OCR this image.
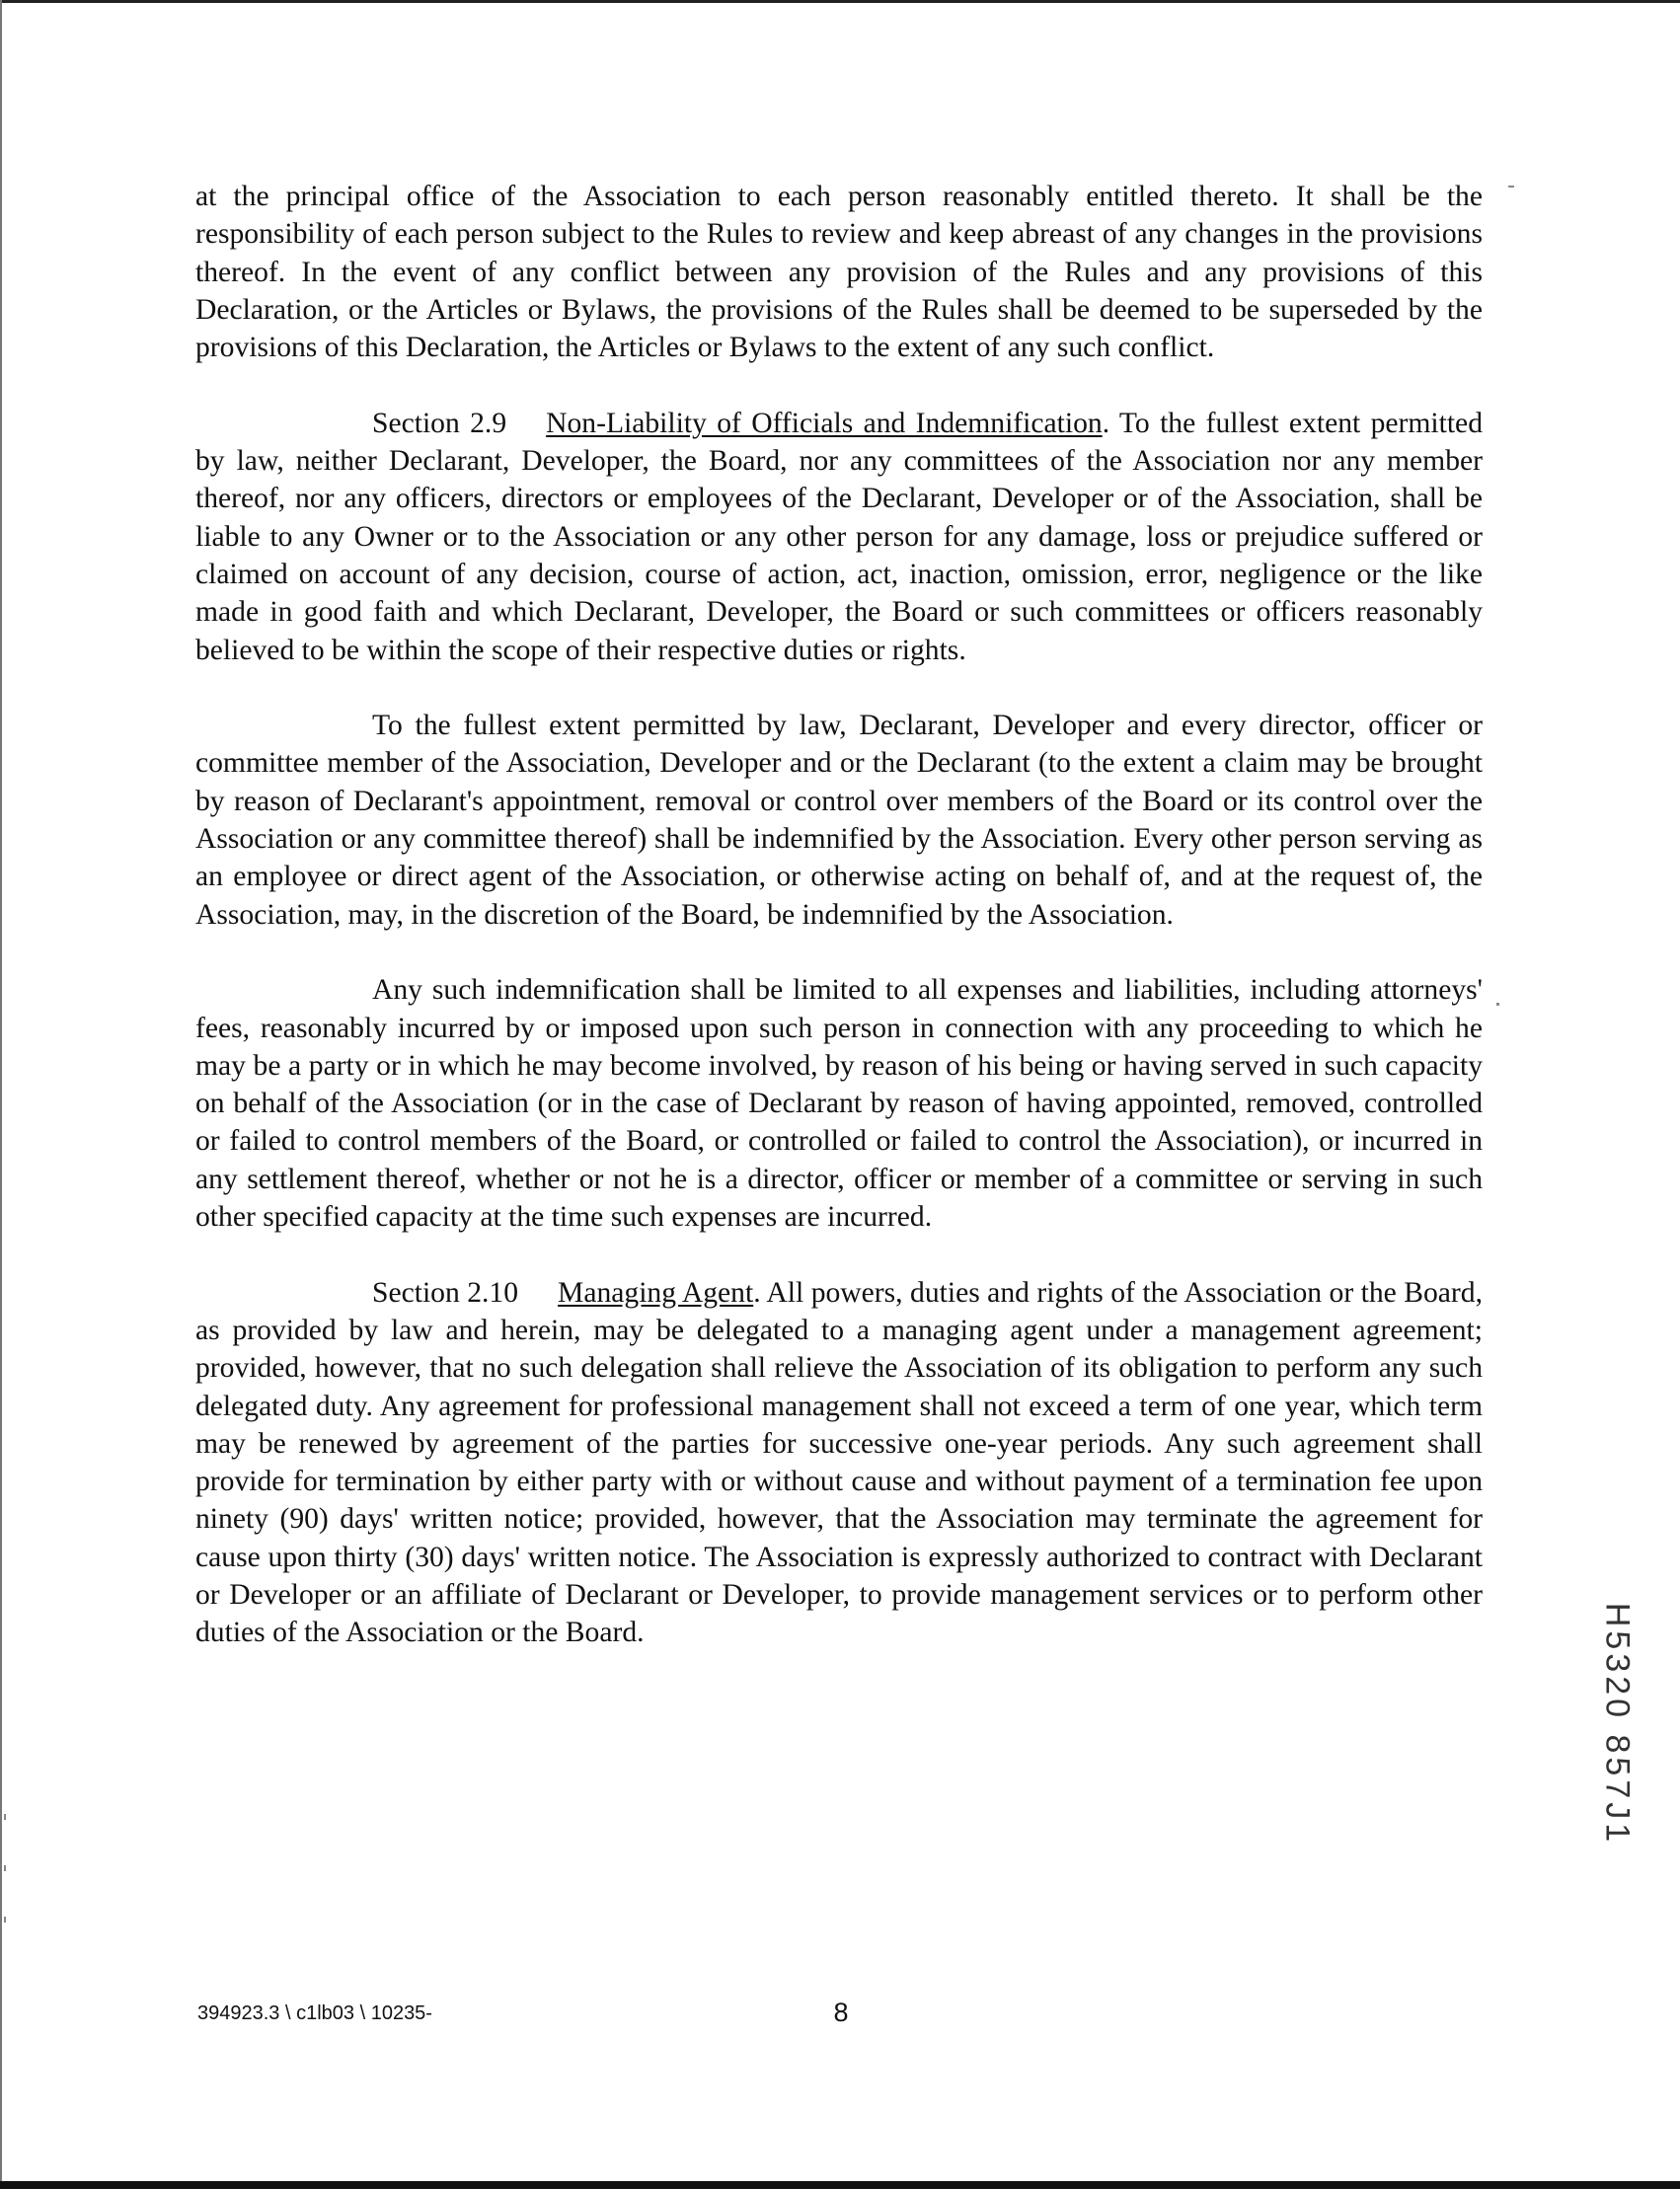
at the principal office of the Association to each person reasonably entitled thereto. It shall be the responsibility of each person subject to the Rules to review and keep abreast of any changes in the provisions thereof. In the event of any conflict between any provision of the Rules and any provisions of this Declaration, or the Articles or Bylaws, the provisions of the Rules shall be deemed to be superseded by the provisions of this Declaration, the Articles or Bylaws to the extent of any such conflict.

Section 2.9 Non-Liability of Officials and Indemnification. To the fullest extent permitted by law, neither Declarant, Developer, the Board, nor any committees of the Association nor any member thereof, nor any officers, directors or employees of the Declarant, Developer or of the Association, shall be liable to any Owner or to the Association or any other person for any damage, loss or prejudice suffered or claimed on account of any decision, course of action, act, inaction, omission, error, negligence or the like made in good faith and which Declarant, Developer, the Board or such committees or officers reasonably believed to be within the scope of their respective duties or rights.

To the fullest extent permitted by law, Declarant, Developer and every director, officer or committee member of the Association, Developer and or the Declarant (to the extent a claim may be brought by reason of Declarant's appointment, removal or control over members of the Board or its control over the Association or any committee thereof) shall be indemnified by the Association. Every other person serving as an employee or direct agent of the Association, or otherwise acting on behalf of, and at the request of, the Association, may, in the discretion of the Board, be indemnified by the Association.

Any such indemnification shall be limited to all expenses and liabilities, including attorneys' fees, reasonably incurred by or imposed upon such person in connection with any proceeding to which he may be a party or in which he may become involved, by reason of his being or having served in such capacity on behalf of the Association (or in the case of Declarant by reason of having appointed, removed, controlled or failed to control members of the Board, or controlled or failed to control the Association), or incurred in any settlement thereof, whether or not he is a director, officer or member of a committee or serving in such other specified capacity at the time such expenses are incurred.

Section 2.10 Managing Agent. All powers, duties and rights of the Association or the Board, as provided by law and herein, may be delegated to a managing agent under a management agreement; provided, however, that no such delegation shall relieve the Association of its obligation to perform any such delegated duty. Any agreement for professional management shall not exceed a term of one year, which term may be renewed by agreement of the parties for successive one-year periods. Any such agreement shall provide for termination by either party with or without cause and without payment of a termination fee upon ninety (90) days' written notice; provided, however, that the Association may terminate the agreement for cause upon thirty (30) days' written notice. The Association is expressly authorized to contract with Declarant or Developer or an affiliate of Declarant or Developer, to provide management services or to perform other duties of the Association or the Board.	H5320 857J1
394923.3 \ c1lb03 \ 10235-	8
